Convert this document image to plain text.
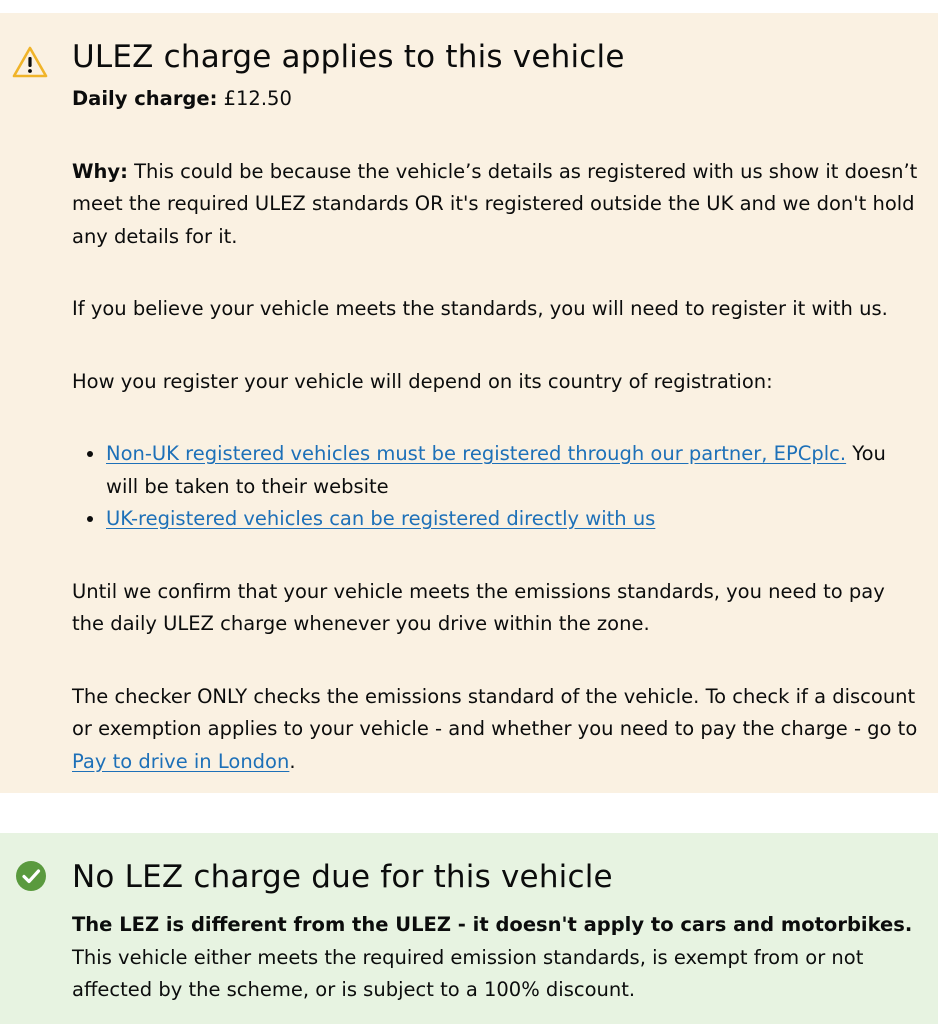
ULEZ charge applies to this vehicle

Daily charge: £12.50

Why: This could be because the vehicle’s details as registered with us show it doesn’t meet the required ULEZ standards OR it's registered outside the UK and we don't hold any details for it.

If you believe your vehicle meets the standards, you will need to register it with us.

How you register your vehicle will depend on its country of registration:

• Non-UK registered vehicles must be registered through our partner, EPCplc. You will be taken to their website
• UK-registered vehicles can be registered directly with us

Until we confirm that your vehicle meets the emissions standards, you need to pay the daily ULEZ charge whenever you drive within the zone.

The checker ONLY checks the emissions standard of the vehicle. To check if a discount or exemption applies to your vehicle - and whether you need to pay the charge - go to Pay to drive in London.

No LEZ charge due for this vehicle

The LEZ is different from the ULEZ - it doesn't apply to cars and motorbikes. This vehicle either meets the required emission standards, is exempt from or not affected by the scheme, or is subject to a 100% discount.
